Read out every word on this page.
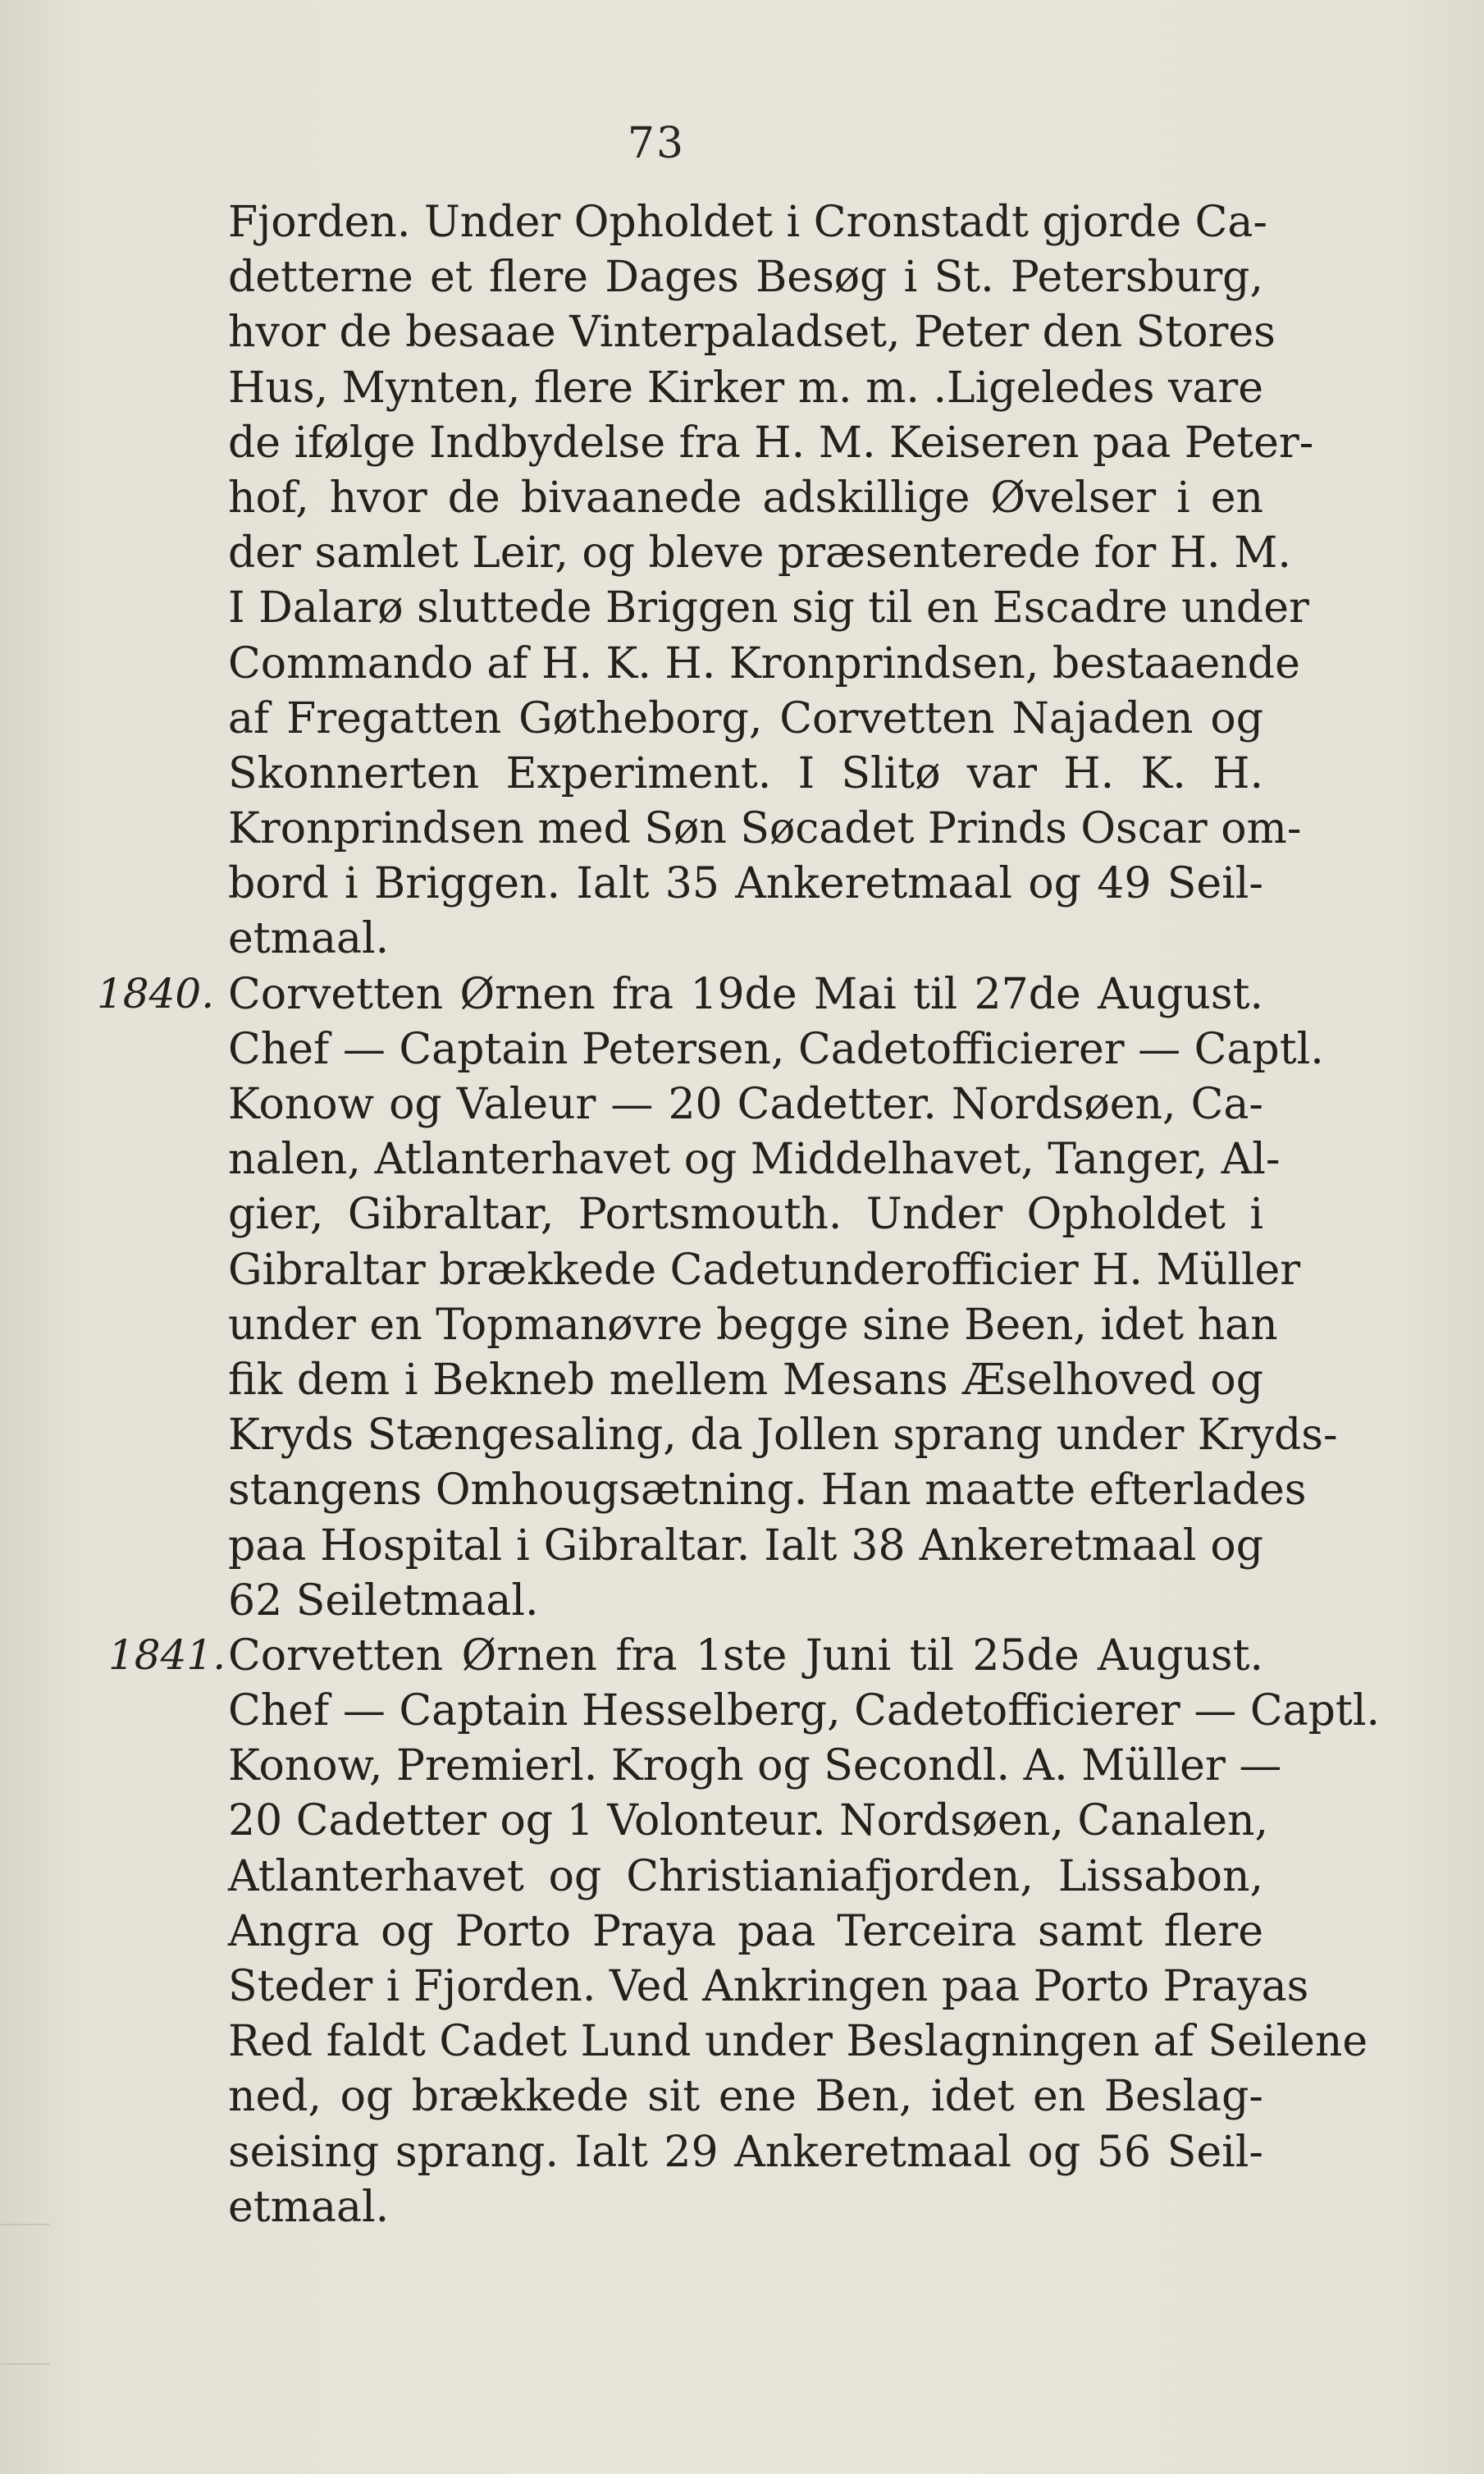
73
1840.
1841.
Fjorden. Under Opholdet i Cronstadt gjorde Ca-
detterne et flere Dages Besøg i St. Petersburg,
hvor de besaae Vinterpaladset, Peter den Stores
Hus, Mynten, flere Kirker m. m. .Ligeledes vare
de ifølge Indbydelse fra H. M. Keiseren paa Peter-
hof, hvor de bivaanede adskillige Øvelser i en
der samlet Leir, og bleve præsenterede for H. M.
I Dalarø sluttede Briggen sig til en Escadre under
Commando af H. K. H. Kronprindsen, bestaaende
af Fregatten Gøtheborg, Corvetten Najaden og
Skonnerten Experiment. I Slitø var H. K. H.
Kronprindsen med Søn Søcadet Prinds Oscar om-
bord i Briggen. Ialt 35 Ankeretmaal og 49 Seil-
etmaal.
Corvetten Ørnen fra 19de Mai til 27de August.
Chef — Captain Petersen, Cadetofficierer — Captl.
Konow og Valeur — 20 Cadetter. Nordsøen, Ca-
nalen, Atlanterhavet og Middelhavet, Tanger, Al-
gier, Gibraltar, Portsmouth. Under Opholdet i
Gibraltar brækkede Cadetunderofficier H. Müller
under en Topmanøvre begge sine Been, idet han
fik dem i Bekneb mellem Mesans Æselhoved og
Kryds Stængesaling, da Jollen sprang under Kryds-
stangens Omhougsætning. Han maatte efterlades
paa Hospital i Gibraltar. Ialt 38 Ankeretmaal og
62 Seiletmaal.
Corvetten Ørnen fra 1ste Juni til 25de August.
Chef — Captain Hesselberg, Cadetofficierer — Captl.
Konow, Premierl. Krogh og Secondl. A. Müller —
20 Cadetter og 1 Volonteur. Nordsøen, Canalen,
Atlanterhavet og Christianiafjorden, Lissabon,
Angra og Porto Praya paa Terceira samt flere
Steder i Fjorden. Ved Ankringen paa Porto Prayas
Red faldt Cadet Lund under Beslagningen af Seilene
ned, og brækkede sit ene Ben, idet en Beslag-
seising sprang. Ialt 29 Ankeretmaal og 56 Seil-
etmaal.
